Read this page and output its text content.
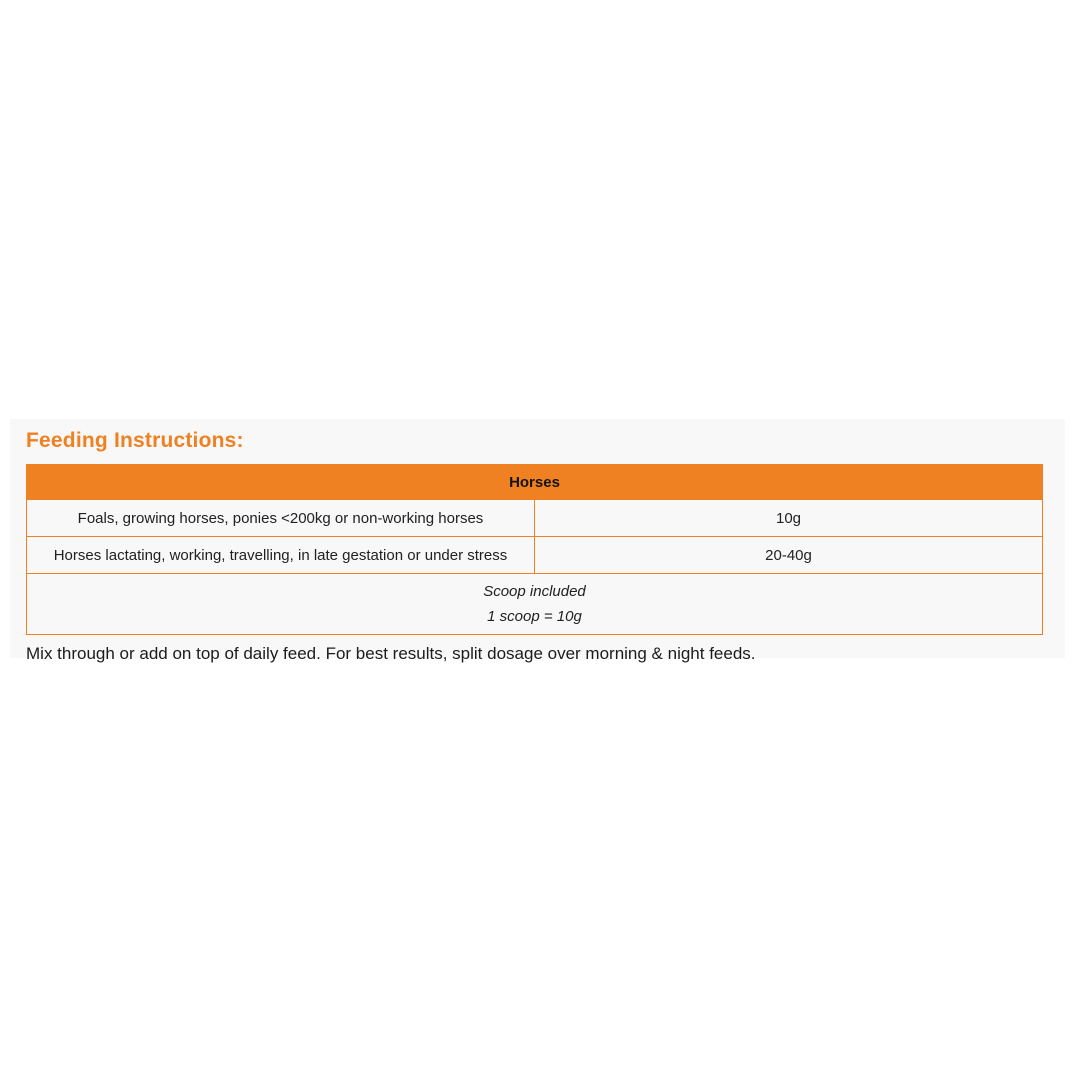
Feeding Instructions:
Horses	
Foals, growing horses, ponies <200kg or non-working horses	10g
Horses lactating, working, travelling, in late gestation or under stress	20-40g

Scoop included
1 scoop = 10g	

Mix through or add on top of daily feed. For best results, split dosage over morning & night feeds.
